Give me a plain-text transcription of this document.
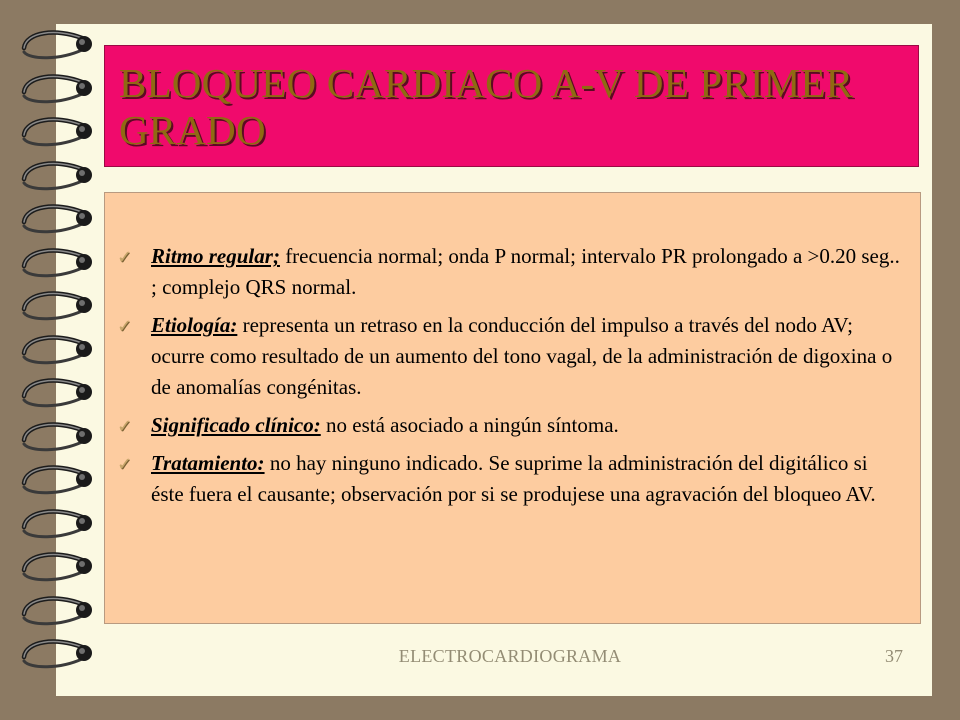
BLOQUEO CARDIACO A-V DE PRIMER GRADO
✓ Ritmo regular; frecuencia normal; onda P normal; intervalo PR prolongado a >0.20 seg.. ; complejo QRS normal.
✓ Etiología: representa un retraso en la conducción del impulso a través del nodo AV; ocurre como resultado de un aumento del tono vagal, de la administración de digoxina o de anomalías congénitas.
✓ Significado clínico: no está asociado a ningún síntoma.
✓ Tratamiento: no hay ninguno indicado. Se suprime la administración del digitálico si éste fuera el causante; observación por si se produjese una agravación del bloqueo AV.
ELECTROCARDIOGRAMA	37
